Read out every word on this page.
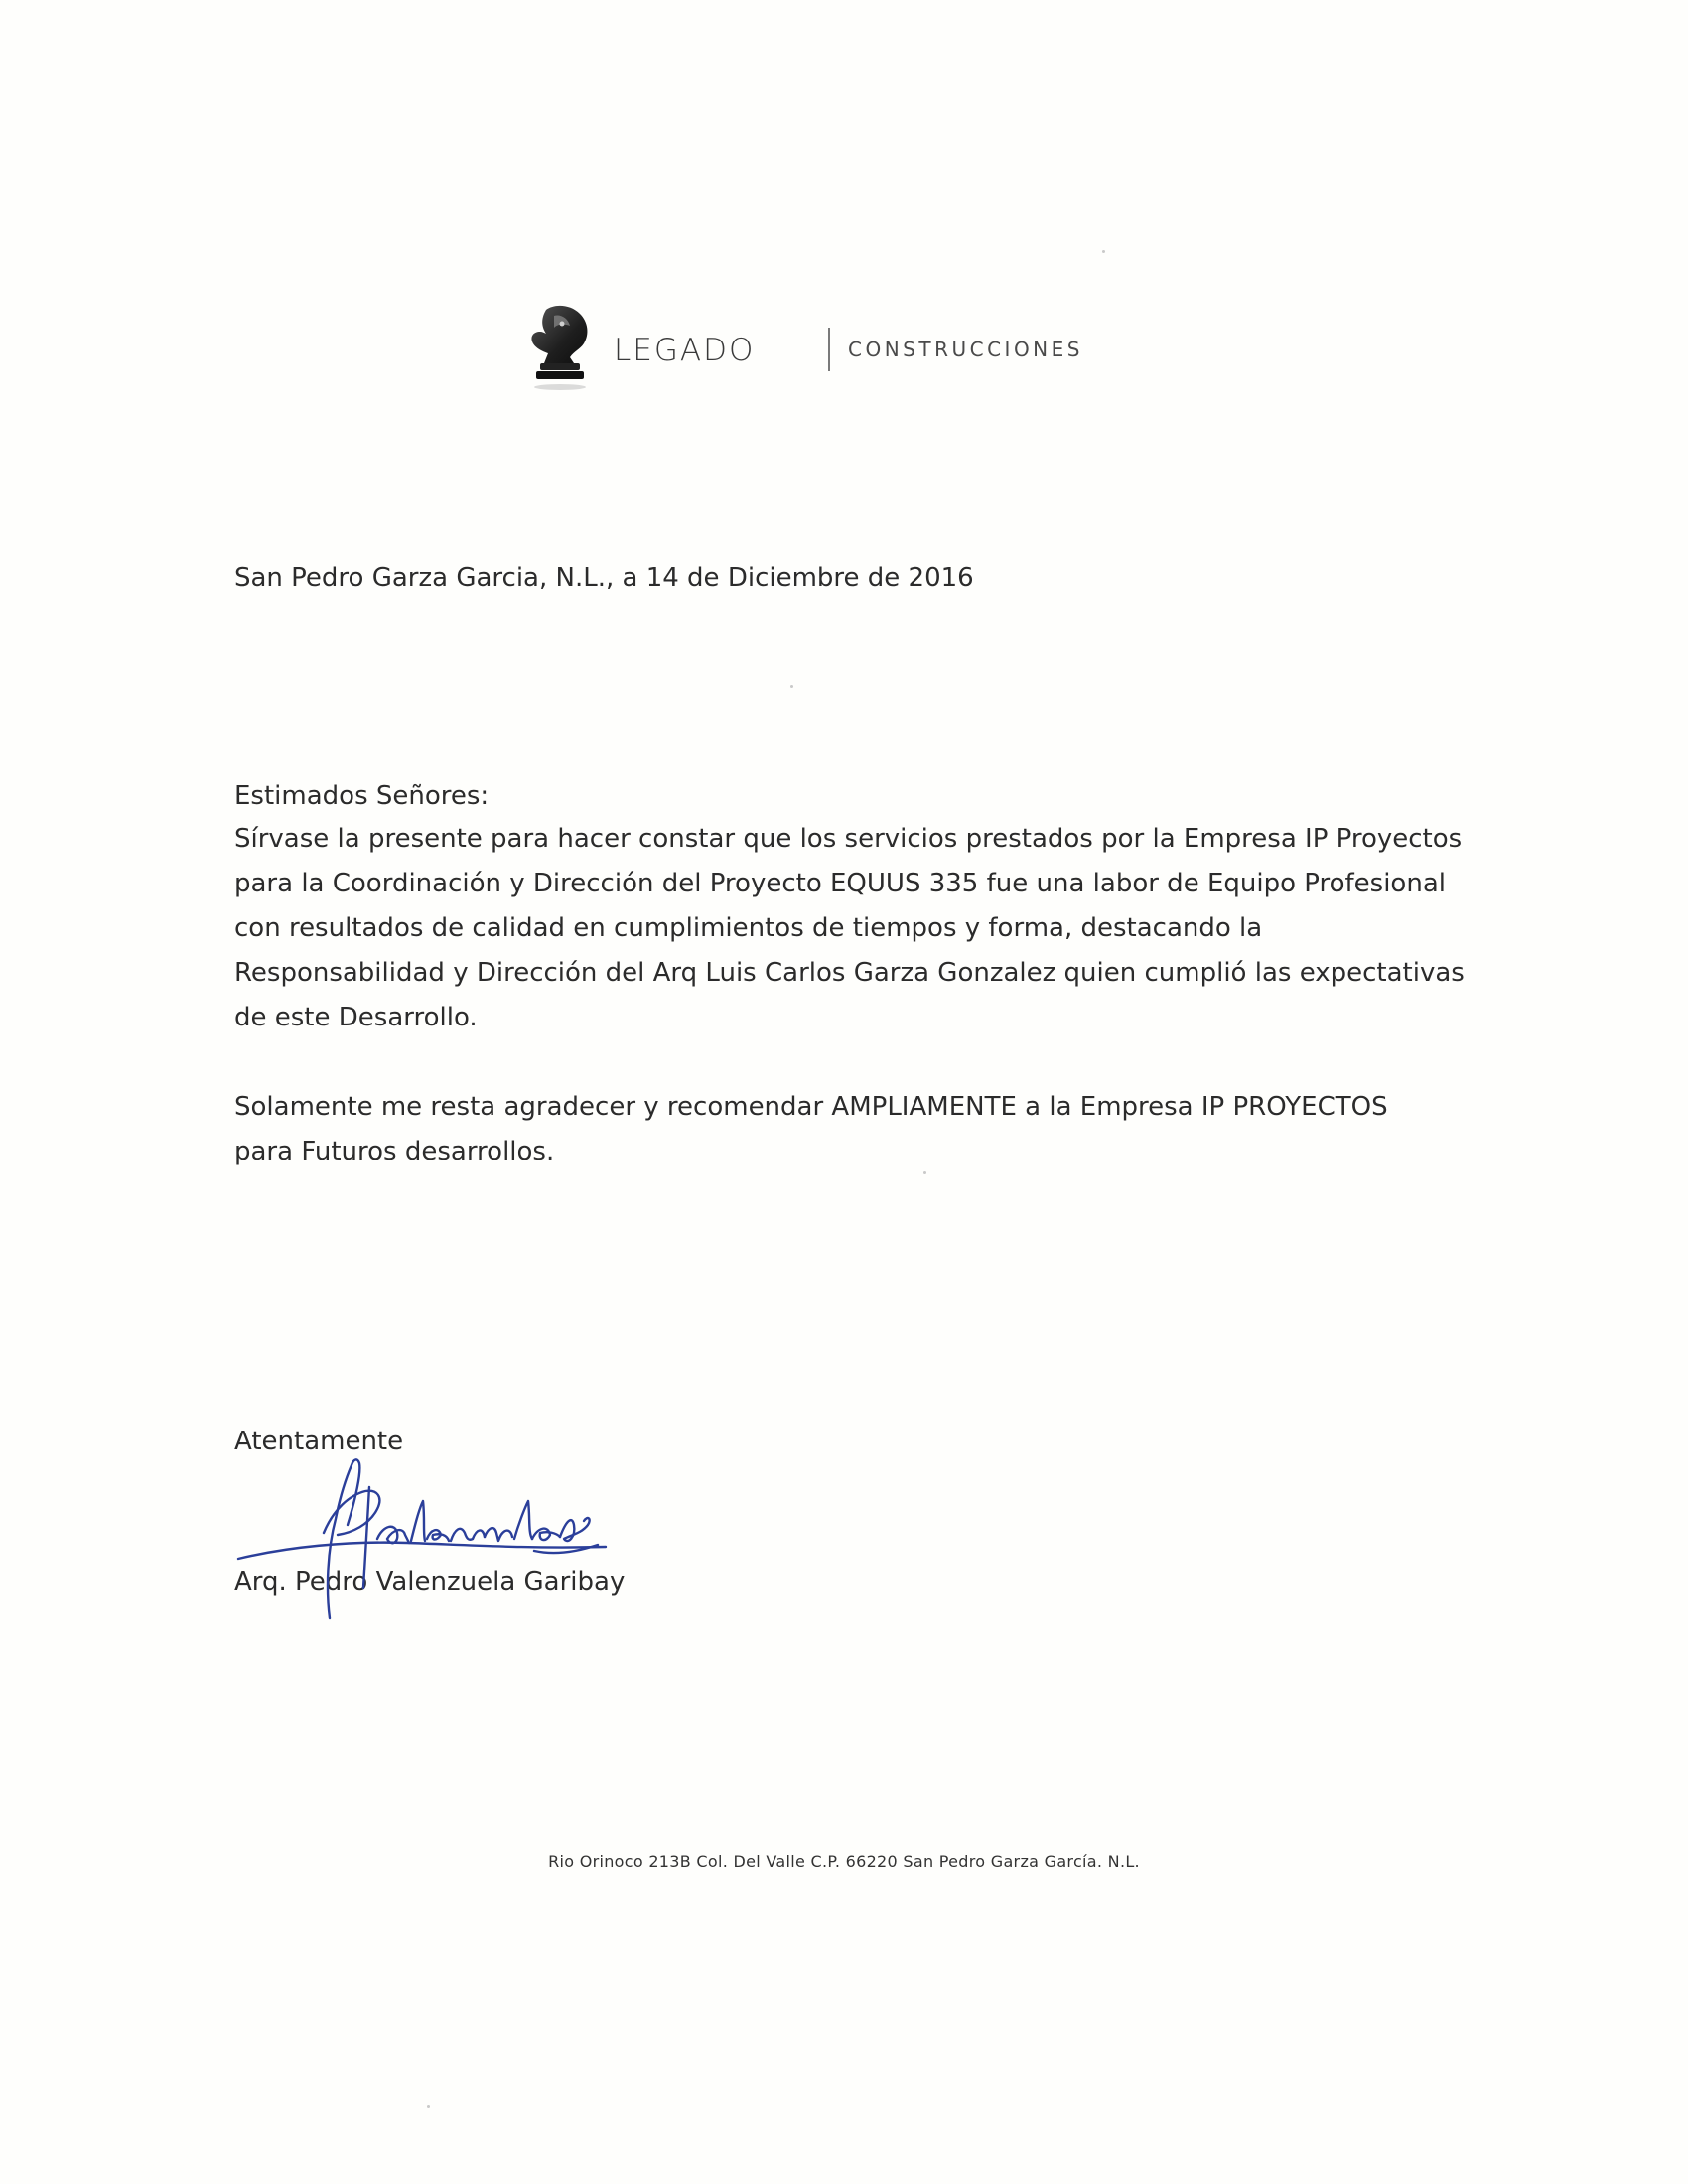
LEGADO	CONSTRUCCIONES
San Pedro Garza Garcia, N.L., a 14 de Diciembre de 2016
Estimados Señores:
Sírvase la presente para hacer constar que los servicios prestados por la Empresa IP Proyectos
para la Coordinación y Dirección del Proyecto EQUUS 335 fue una labor de Equipo Profesional
con resultados de calidad en cumplimientos de tiempos y forma, destacando la
Responsabilidad y Dirección del Arq Luis Carlos Garza Gonzalez quien cumplió las expectativas
de este Desarrollo.
Solamente me resta agradecer y recomendar AMPLIAMENTE a la Empresa IP PROYECTOS
para Futuros desarrollos.
Atentamente
Arq. Pedro Valenzuela Garibay
Rio Orinoco 213B Col. Del Valle C.P. 66220 San Pedro Garza García. N.L.
